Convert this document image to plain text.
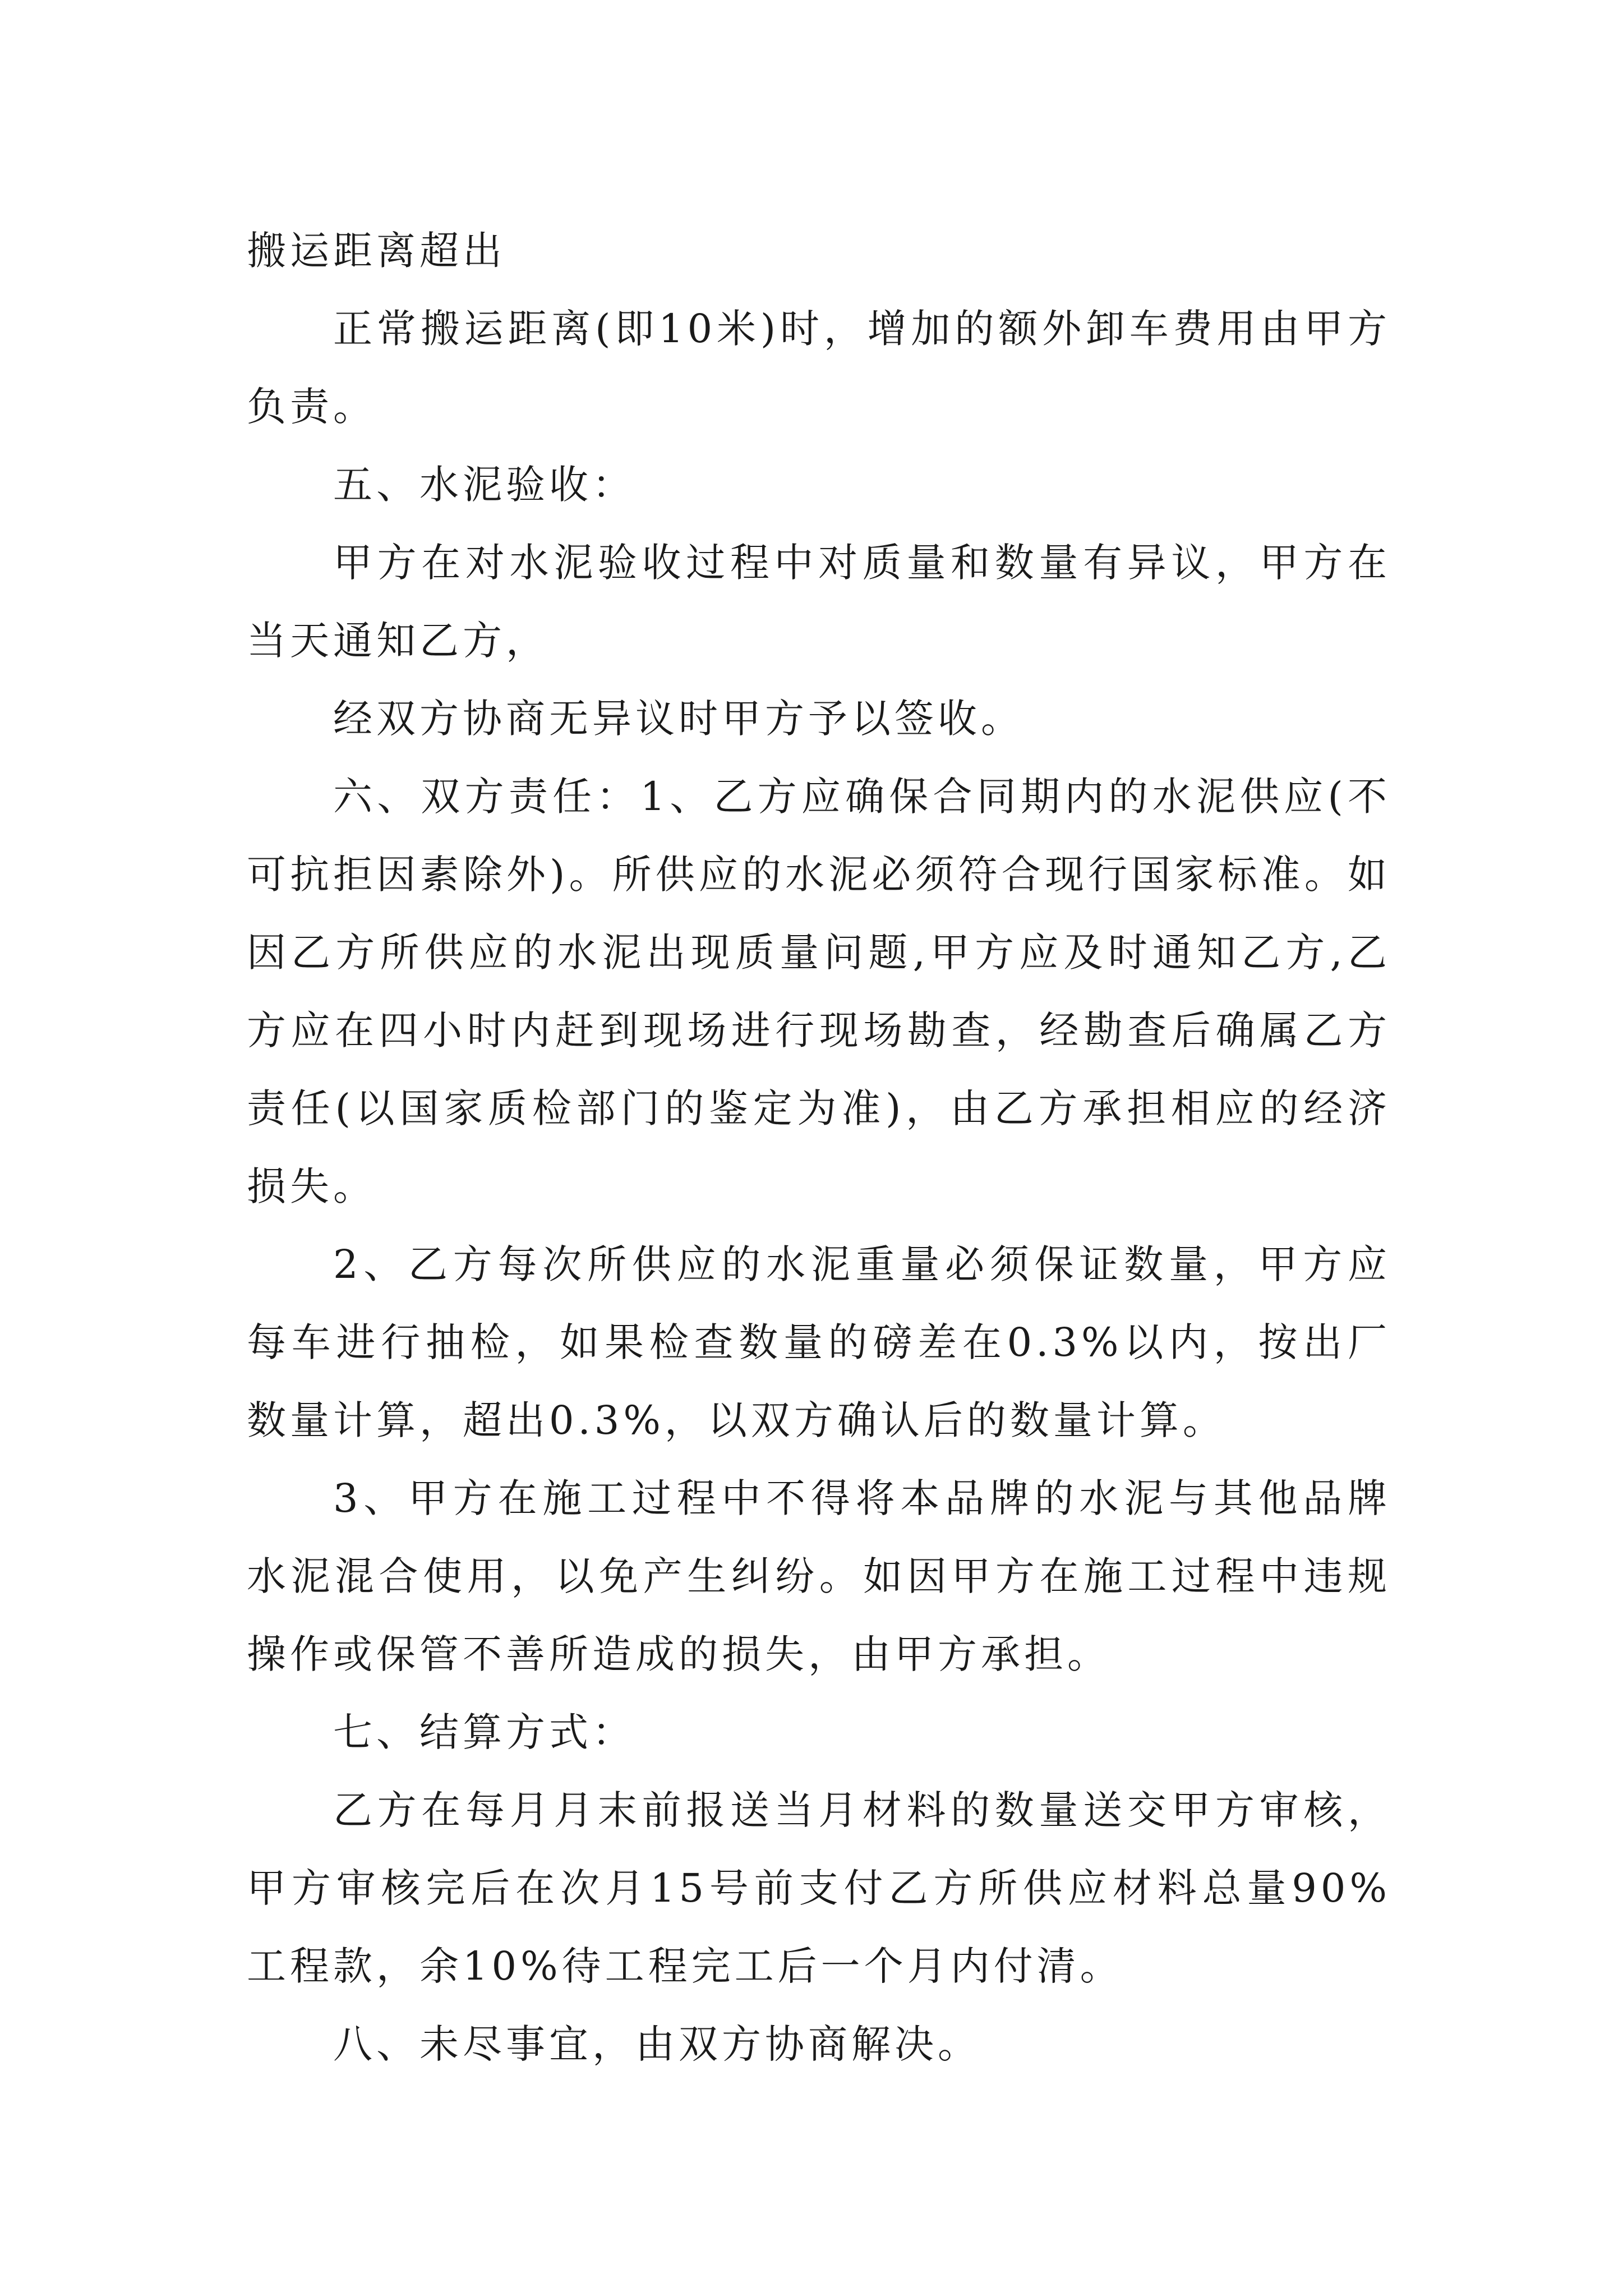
搬运距离超出

正常搬运距离(即10米)时，增加的额外卸车费用由甲方负责。

五、水泥验收：

甲方在对水泥验收过程中对质量和数量有异议，甲方在当天通知乙方，

经双方协商无异议时甲方予以签收。

六、双方责任：1、乙方应确保合同期内的水泥供应(不可抗拒因素除外)。所供应的水泥必须符合现行国家标准。如因乙方所供应的水泥出现质量问题,甲方应及时通知乙方,乙方应在四小时内赶到现场进行现场勘查，经勘查后确属乙方责任(以国家质检部门的鉴定为准)，由乙方承担相应的经济损失。

2、乙方每次所供应的水泥重量必须保证数量，甲方应每车进行抽检，如果检查数量的磅差在0.3%以内，按出厂数量计算，超出0.3%，以双方确认后的数量计算。

3、甲方在施工过程中不得将本品牌的水泥与其他品牌水泥混合使用，以免产生纠纷。如因甲方在施工过程中违规操作或保管不善所造成的损失，由甲方承担。

七、结算方式：

乙方在每月月末前报送当月材料的数量送交甲方审核，甲方审核完后在次月15号前支付乙方所供应材料总量90%工程款，余10%待工程完工后一个月内付清。

八、未尽事宜，由双方协商解决。
